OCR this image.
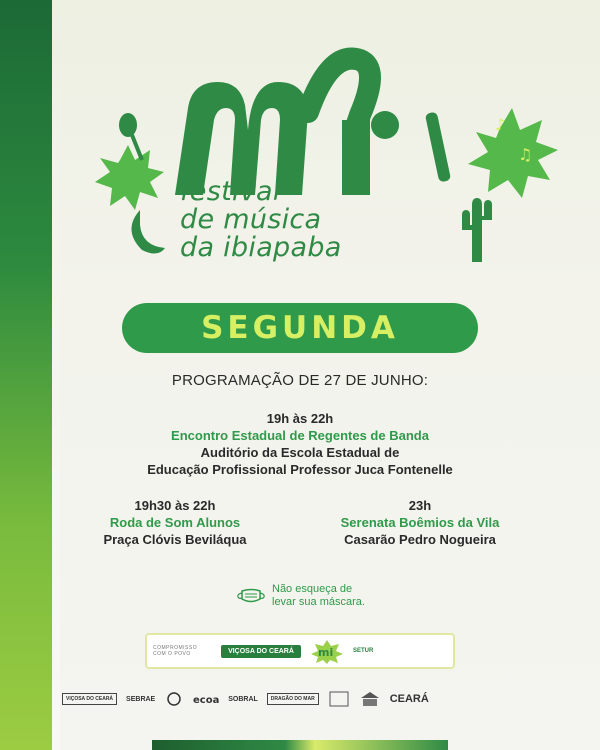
♪
♫
festival
de música
da ibiapaba
SEGUNDA
PROGRAMAÇÃO DE 27 DE JUNHO:
19h às 22h
Encontro Estadual de Regentes de Banda
Auditório da Escola Estadual de
Educação Profissional Professor Juca Fontenelle
19h30 às 22h
Roda de Som Alunos
Praça Clóvis Beviláqua
23h
Serenata Boêmios da Vila
Casarão Pedro Nogueira
Não esqueça de
levar sua máscara.
COMPROMISSO
COM O POVO	VIÇOSA DO CEARÁ	mi	SETUR
VIÇOSA DO CEARÁ	SEBRAE	ecoa SOBRAL	DRAGÃO DO MAR	CEARÁ
